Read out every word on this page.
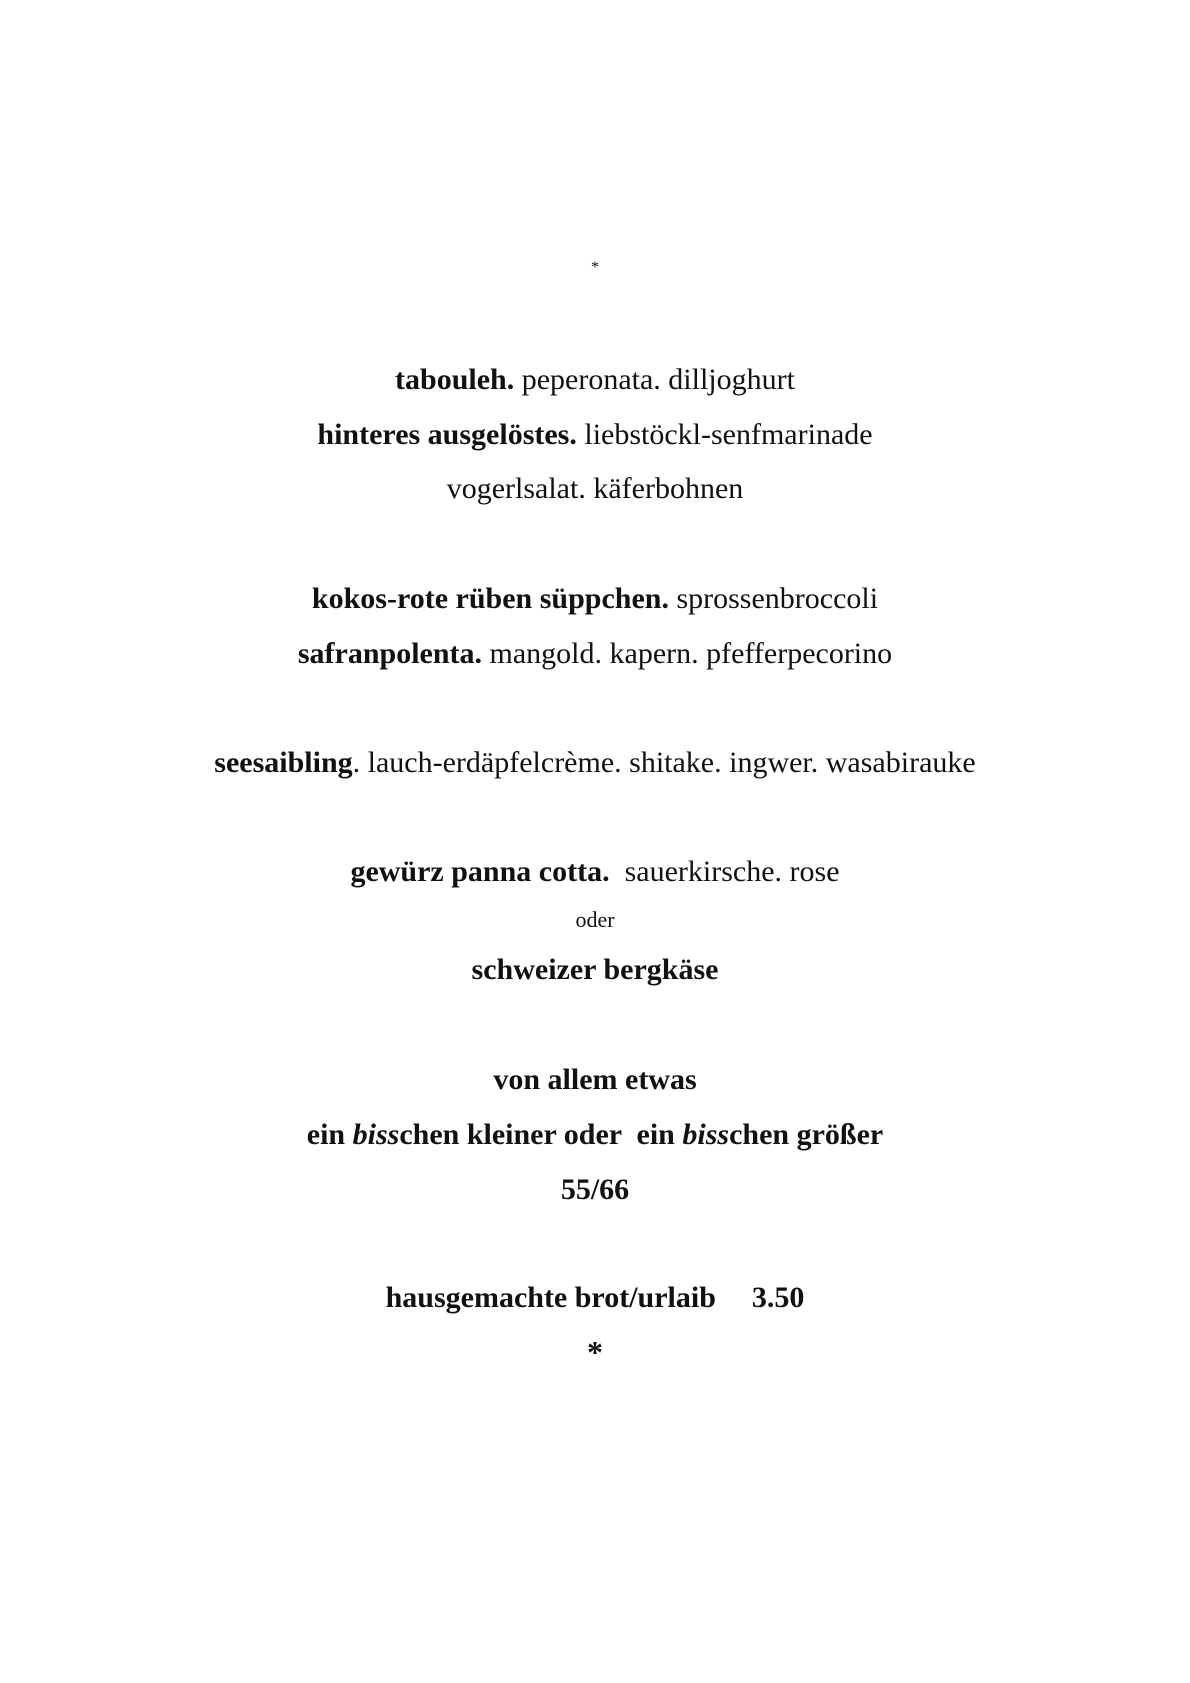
*
tabouleh. peperonata. dilljoghurt
hinteres ausgelöstes. liebstöckl-senfmarinade
vogerlsalat. käferbohnen
kokos-rote rüben süppchen. sprossenbroccoli
safranpolenta. mangold. kapern. pfefferpecorino
seesaibling. lauch-erdäpfelcrème. shitake. ingwer. wasabirauke
gewürz panna cotta.  sauerkirsche. rose
oder
schweizer bergkäse
von allem etwas
ein bisschen kleiner oder  ein bisschen größer
55/66
hausgemachte brot/urlaib 3.50
*
